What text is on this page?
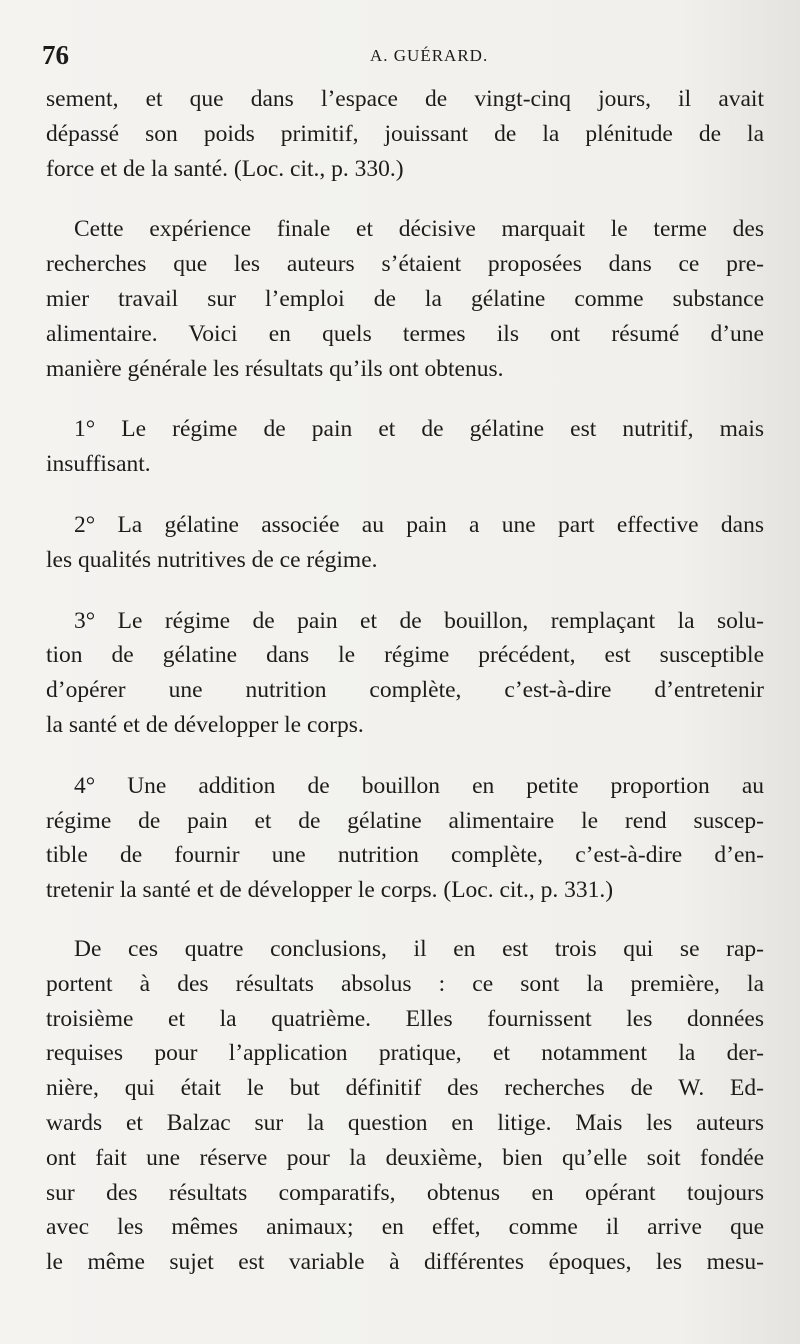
76	A. GUÉRARD.
sement, et que dans l’espace de vingt-cinq jours, il avait
dépassé son poids primitif, jouissant de la plénitude de la
force et de la santé. (Loc. cit., p. 330.)
Cette expérience finale et décisive marquait le terme des
recherches que les auteurs s’étaient proposées dans ce pre-
mier travail sur l’emploi de la gélatine comme substance
alimentaire. Voici en quels termes ils ont résumé d’une
manière générale les résultats qu’ils ont obtenus.
1° Le régime de pain et de gélatine est nutritif, mais
insuffisant.
2° La gélatine associée au pain a une part effective dans
les qualités nutritives de ce régime.
3° Le régime de pain et de bouillon, remplaçant la solu-
tion de gélatine dans le régime précédent, est susceptible
d’opérer une nutrition complète, c’est-à-dire d’entretenir
la santé et de développer le corps.
4° Une addition de bouillon en petite proportion au
régime de pain et de gélatine alimentaire le rend suscep-
tible de fournir une nutrition complète, c’est-à-dire d’en-
tretenir la santé et de développer le corps. (Loc. cit., p. 331.)
De ces quatre conclusions, il en est trois qui se rap-
portent à des résultats absolus : ce sont la première, la
troisième et la quatrième. Elles fournissent les données
requises pour l’application pratique, et notamment la der-
nière, qui était le but définitif des recherches de W. Ed-
wards et Balzac sur la question en litige. Mais les auteurs
ont fait une réserve pour la deuxième, bien qu’elle soit fondée
sur des résultats comparatifs, obtenus en opérant toujours
avec les mêmes animaux; en effet, comme il arrive que
le même sujet est variable à différentes époques, les mesu-
